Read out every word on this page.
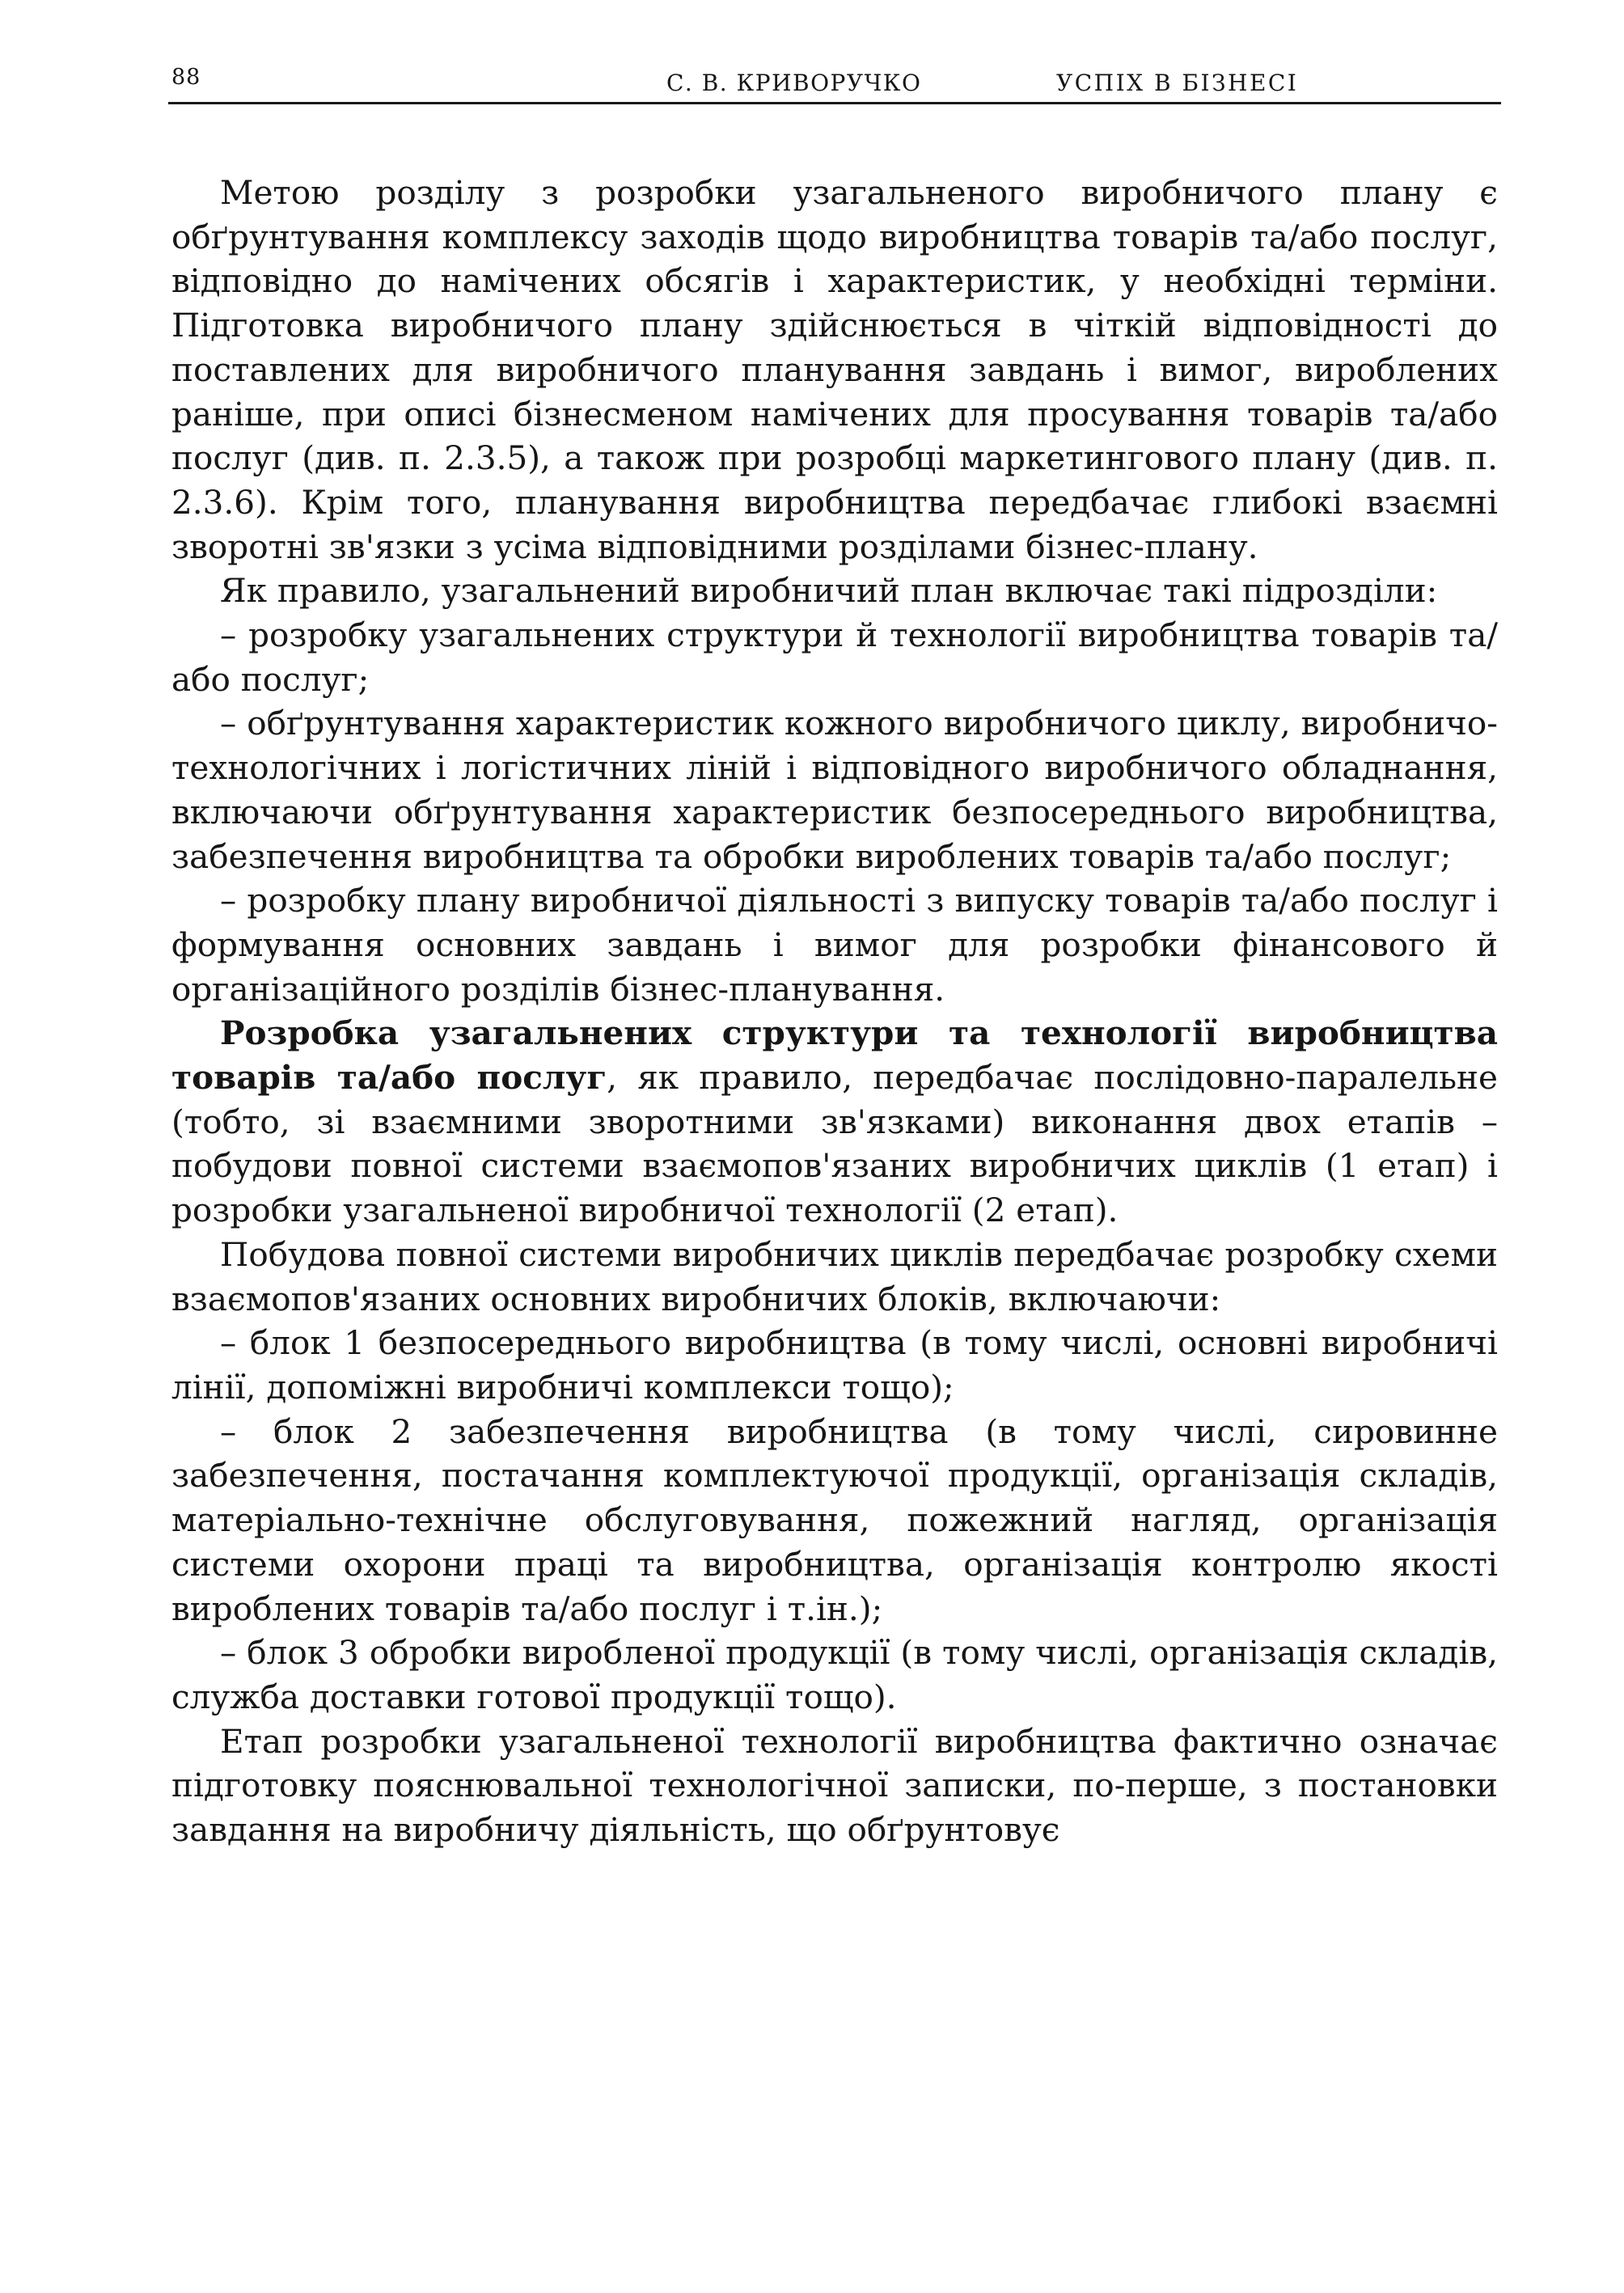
88	С. В. КРИВОРУЧКО	УСПІХ В БІЗНЕСІ

Метою розділу з розробки узагальненого виробничого плану є обґрунтування комплексу заходів щодо виробництва товарів та/або послуг, відповідно до намічених обсягів і характеристик, у необхідні терміни. Підготовка виробничого плану здійснюється в чіткій відповідності до поставлених для виробничого планування завдань і вимог, вироблених раніше, при описі бізнесменом намічених для просування товарів та/або послуг (див. п. 2.3.5), а також при розробці маркетингового плану (див. п. 2.3.6). Крім того, планування виробництва передбачає глибокі взаємні зворотні зв'язки з усіма відповідними розділами бізнес-плану.

Як правило, узагальнений виробничий план включає такі підрозділи:

– розробку узагальнених структури й технології виробництва товарів та/або послуг;

– обґрунтування характеристик кожного виробничого циклу, виробничо-технологічних і логістичних ліній і відповідного виробничого обладнання, включаючи обґрунтування характеристик безпосереднього виробництва, забезпечення виробництва та обробки вироблених товарів та/або послуг;

– розробку плану виробничої діяльності з випуску товарів та/або послуг і формування основних завдань і вимог для розробки фінансового й організаційного розділів бізнес-планування.

Розробка узагальнених структури та технології виробництва товарів та/або послуг, як правило, передбачає послідовно-паралельне (тобто, зі взаємними зворотними зв'язками) виконання двох етапів – побудови повної системи взаємопов'язаних виробничих циклів (1 етап) і розробки узагальненої виробничої технології (2 етап).

Побудова повної системи виробничих циклів передбачає розробку схеми взаємопов'язаних основних виробничих блоків, включаючи:

– блок 1 безпосереднього виробництва (в тому числі, основні виробничі лінії, допоміжні виробничі комплекси тощо);

– блок 2 забезпечення виробництва (в тому числі, сировинне забезпечення, постачання комплектуючої продукції, організація складів, матеріально-технічне обслуговування, пожежний нагляд, організація системи охорони праці та виробництва, організація контролю якості вироблених товарів та/або послуг і т.ін.);

– блок 3 обробки виробленої продукції (в тому числі, організація складів, служба доставки готової продукції тощо).

Етап розробки узагальненої технології виробництва фактично означає підготовку пояснювальної технологічної записки, по-перше, з постановки завдання на виробничу діяльність, що обґрунтовує
